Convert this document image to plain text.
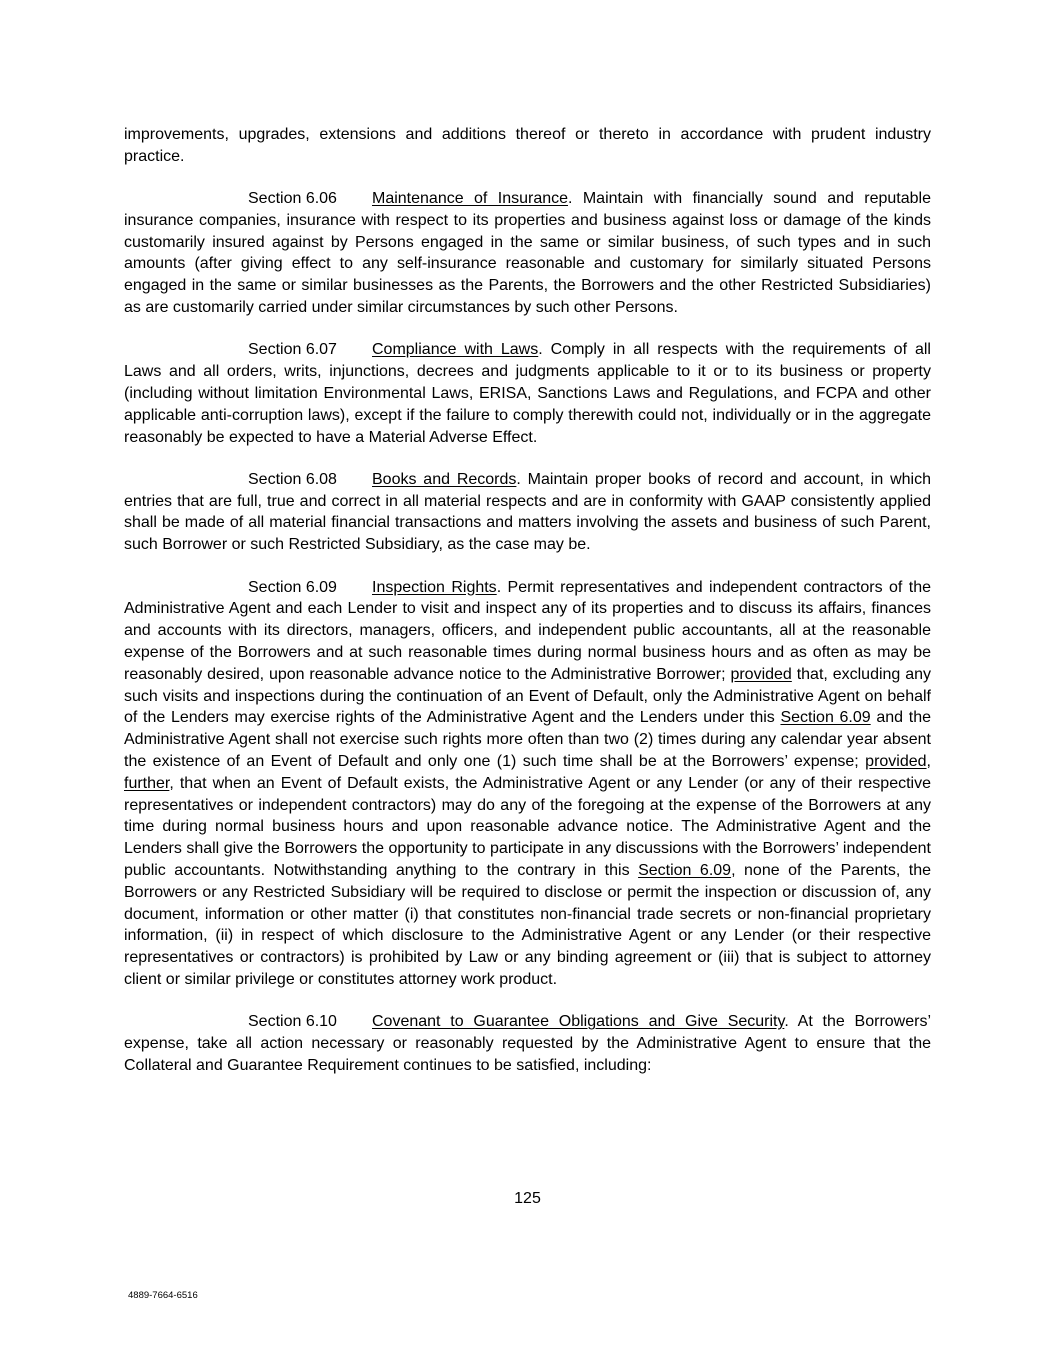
improvements, upgrades, extensions and additions thereof or thereto in accordance with prudent industry practice.

Section 6.06 Maintenance of Insurance. Maintain with financially sound and reputable insurance companies, insurance with respect to its properties and business against loss or damage of the kinds customarily insured against by Persons engaged in the same or similar business, of such types and in such amounts (after giving effect to any self-insurance reasonable and customary for similarly situated Persons engaged in the same or similar businesses as the Parents, the Borrowers and the other Restricted Subsidiaries) as are customarily carried under similar circumstances by such other Persons.

Section 6.07 Compliance with Laws. Comply in all respects with the requirements of all Laws and all orders, writs, injunctions, decrees and judgments applicable to it or to its business or property (including without limitation Environmental Laws, ERISA, Sanctions Laws and Regulations, and FCPA and other applicable anti-corruption laws), except if the failure to comply therewith could not, individually or in the aggregate reasonably be expected to have a Material Adverse Effect.

Section 6.08 Books and Records. Maintain proper books of record and account, in which entries that are full, true and correct in all material respects and are in conformity with GAAP consistently applied shall be made of all material financial transactions and matters involving the assets and business of such Parent, such Borrower or such Restricted Subsidiary, as the case may be.

Section 6.09 Inspection Rights. Permit representatives and independent contractors of the Administrative Agent and each Lender to visit and inspect any of its properties and to discuss its affairs, finances and accounts with its directors, managers, officers, and independent public accountants, all at the reasonable expense of the Borrowers and at such reasonable times during normal business hours and as often as may be reasonably desired, upon reasonable advance notice to the Administrative Borrower; provided that, excluding any such visits and inspections during the continuation of an Event of Default, only the Administrative Agent on behalf of the Lenders may exercise rights of the Administrative Agent and the Lenders under this Section 6.09 and the Administrative Agent shall not exercise such rights more often than two (2) times during any calendar year absent the existence of an Event of Default and only one (1) such time shall be at the Borrowers’ expense; provided, further, that when an Event of Default exists, the Administrative Agent or any Lender (or any of their respective representatives or independent contractors) may do any of the foregoing at the expense of the Borrowers at any time during normal business hours and upon reasonable advance notice. The Administrative Agent and the Lenders shall give the Borrowers the opportunity to participate in any discussions with the Borrowers’ independent public accountants. Notwithstanding anything to the contrary in this Section 6.09, none of the Parents, the Borrowers or any Restricted Subsidiary will be required to disclose or permit the inspection or discussion of, any document, information or other matter (i) that constitutes non-financial trade secrets or non-financial proprietary information, (ii) in respect of which disclosure to the Administrative Agent or any Lender (or their respective representatives or contractors) is prohibited by Law or any binding agreement or (iii) that is subject to attorney client or similar privilege or constitutes attorney work product.

Section 6.10 Covenant to Guarantee Obligations and Give Security. At the Borrowers’ expense, take all action necessary or reasonably requested by the Administrative Agent to ensure that the Collateral and Guarantee Requirement continues to be satisfied, including:

125
4889-7664-6516
